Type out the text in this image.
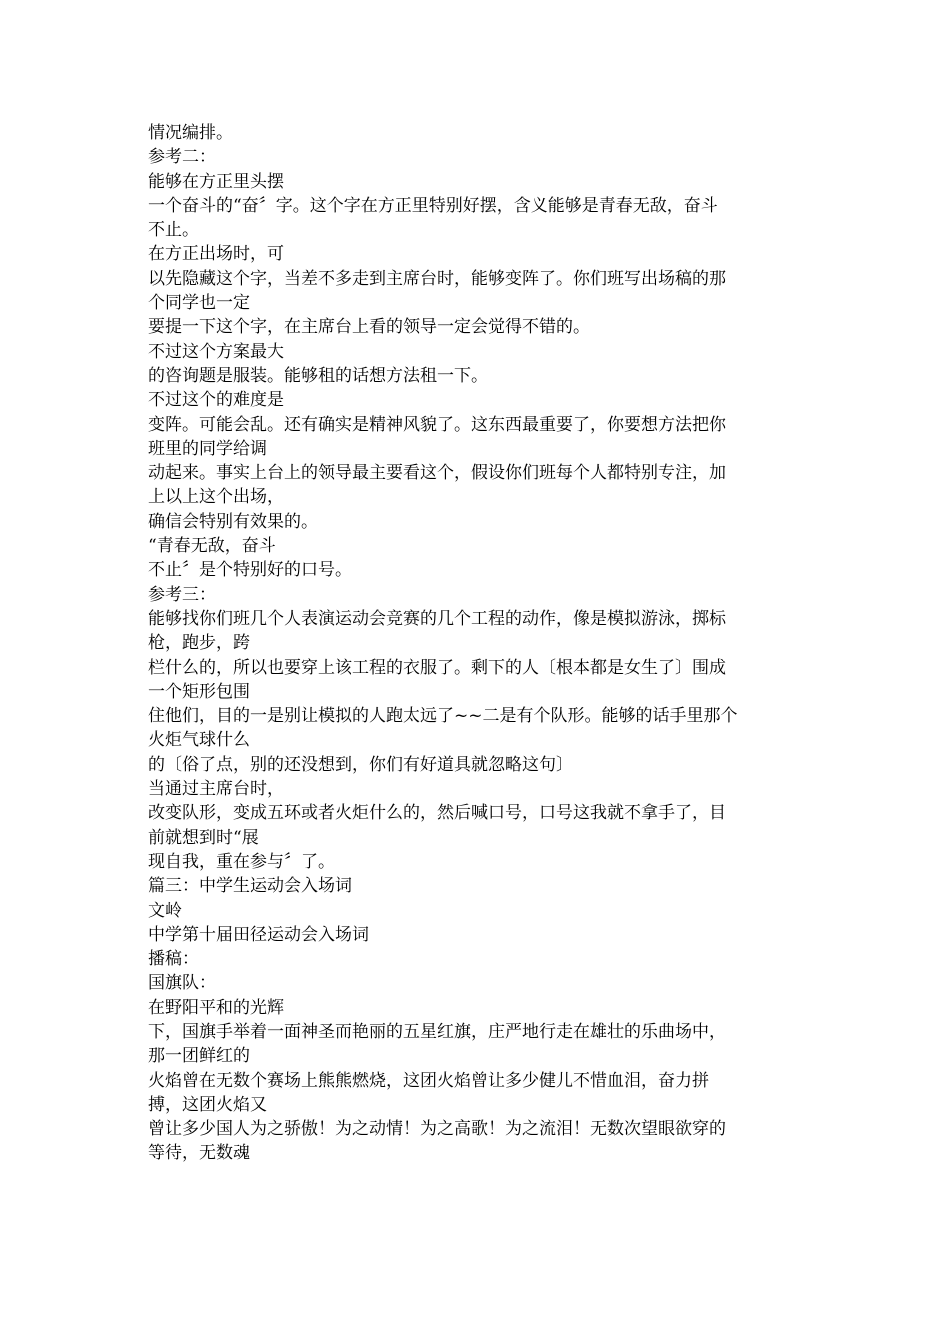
情况编排。
参考二：
能够在方正里头摆
一个奋斗的“奋〞字。这个字在方正里特别好摆，含义能够是青春无敌，奋斗
不止。
在方正出场时，可
以先隐藏这个字，当差不多走到主席台时，能够变阵了。你们班写出场稿的那
个同学也一定
要提一下这个字，在主席台上看的领导一定会觉得不错的。
不过这个方案最大
的咨询题是服装。能够租的话想方法租一下。
不过这个的难度是
变阵。可能会乱。还有确实是精神风貌了。这东西最重要了，你要想方法把你
班里的同学给调
动起来。事实上台上的领导最主要看这个，假设你们班每个人都特别专注，加
上以上这个出场，
确信会特别有效果的。
“青春无敌，奋斗
不止〞是个特别好的口号。
参考三：
能够找你们班几个人表演运动会竞赛的几个工程的动作，像是模拟游泳，掷标
枪，跑步，跨
栏什么的，所以也要穿上该工程的衣服了。剩下的人〔根本都是女生了〕围成
一个矩形包围
住他们，目的一是别让模拟的人跑太远了~~二是有个队形。能够的话手里那个
火炬气球什么
的〔俗了点，别的还没想到，你们有好道具就忽略这句〕
当通过主席台时，
改变队形，变成五环或者火炬什么的，然后喊口号，口号这我就不拿手了，目
前就想到时“展
现自我，重在参与〞了。
篇三：中学生运动会入场词
文岭
中学第十届田径运动会入场词
播稿：
国旗队：
在野阳平和的光辉
下，国旗手举着一面神圣而艳丽的五星红旗，庄严地行走在雄壮的乐曲场中，
那一团鲜红的
火焰曾在无数个赛场上熊熊燃烧，这团火焰曾让多少健儿不惜血泪，奋力拼
搏，这团火焰又
曾让多少国人为之骄傲！为之动情！为之高歌！为之流泪！无数次望眼欲穿的
等待，无数魂
